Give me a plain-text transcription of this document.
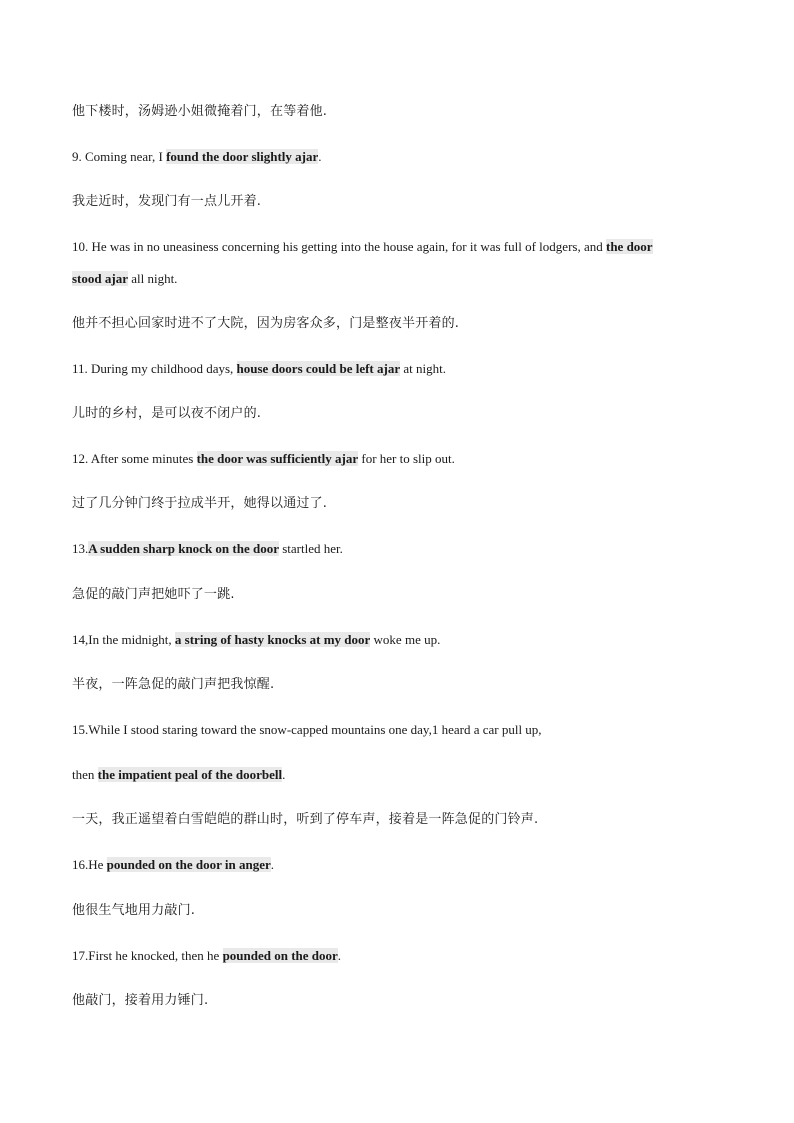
他下楼时，汤姆逊小姐微掩着门，在等着他.
9. Coming near, I found the door slightly ajar.
我走近时，发现门有一点儿开着.
10. He was in no uneasiness concerning his getting into the house again, for it was full of lodgers, and the door
stood ajar all night.
他并不担心回家时进不了大院，因为房客众多，门是整夜半开着的.
11. During my childhood days, house doors could be left ajar at night.
儿时的乡村，是可以夜不闭户的.
12. After some minutes the door was sufficiently ajar for her to slip out.
过了几分钟门终于拉成半开，她得以通过了.
13.A sudden sharp knock on the door startled her.
急促的敲门声把她吓了一跳.
14,In the midnight, a string of hasty knocks at my door woke me up.
半夜，一阵急促的敲门声把我惊醒.
15.While I stood staring toward the snow-capped mountains one day,1 heard a car pull up,
then the impatient peal of the doorbell.
一天，我正遥望着白雪皑皑的群山时，听到了停车声，接着是一阵急促的门铃声.
16.He pounded on the door in anger.
他很生气地用力敲门.
17.First he knocked, then he pounded on the door.
他敲门，接着用力锤门.
